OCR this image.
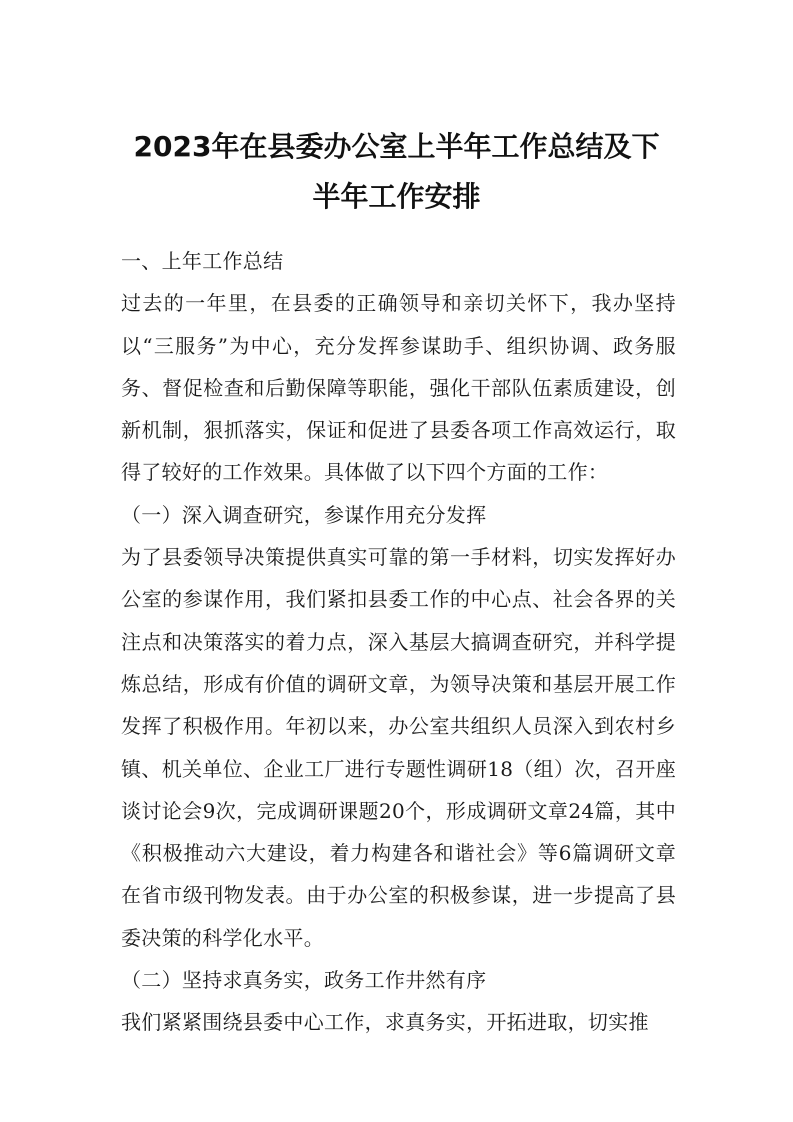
2023年在县委办公室上半年工作总结及下
半年工作安排

一、上年工作总结

过去的一年里，在县委的正确领导和亲切关怀下，我办坚持以“三服务”为中心，充分发挥参谋助手、组织协调、政务服务、督促检查和后勤保障等职能，强化干部队伍素质建设，创新机制，狠抓落实，保证和促进了县委各项工作高效运行，取得了较好的工作效果。具体做了以下四个方面的工作：

（一）深入调查研究，参谋作用充分发挥

为了县委领导决策提供真实可靠的第一手材料，切实发挥好办公室的参谋作用，我们紧扣县委工作的中心点、社会各界的关注点和决策落实的着力点，深入基层大搞调查研究，并科学提炼总结，形成有价值的调研文章，为领导决策和基层开展工作发挥了积极作用。年初以来，办公室共组织人员深入到农村乡镇、机关单位、企业工厂进行专题性调研18（组）次，召开座谈讨论会9次，完成调研课题20个，形成调研文章24篇，其中《积极推动六大建设，着力构建各和谐社会》等6篇调研文章在省市级刊物发表。由于办公室的积极参谋，进一步提高了县委决策的科学化水平。

（二）坚持求真务实，政务工作井然有序

我们紧紧围绕县委中心工作，求真务实，开拓进取，切实推
